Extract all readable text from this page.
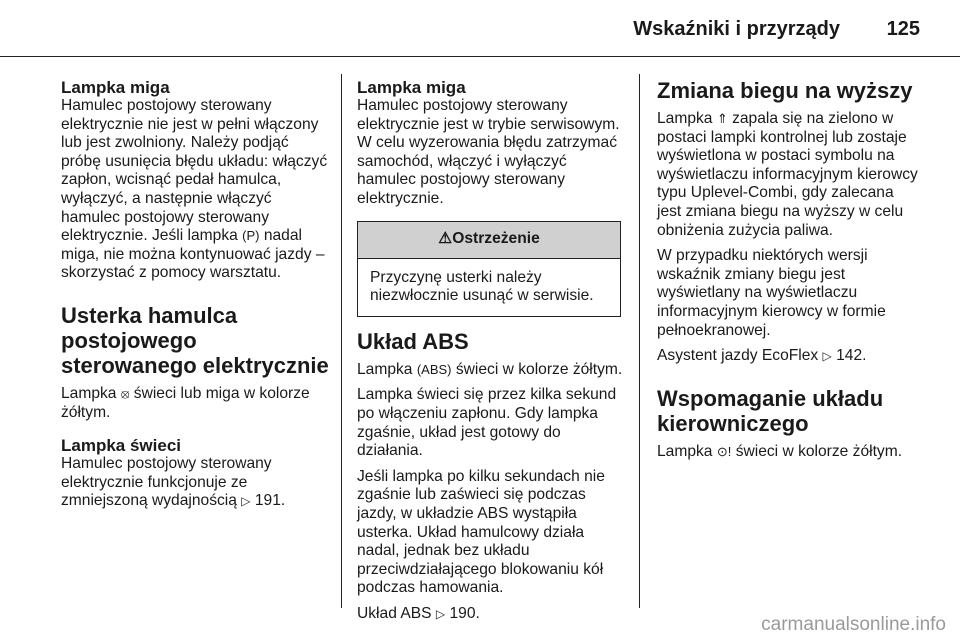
Wskaźniki i przyrządy 125
Lampka miga

Hamulec postojowy sterowany elektrycznie nie jest w pełni włączony lub jest zwolniony. Należy podjąć próbę usunięcia błędu układu: włączyć zapłon, wcisnąć pedał hamulca, wyłączyć, a następnie włączyć hamulec postojowy sterowany elektrycznie. Jeśli lampka (P) nadal miga, nie można kontynuować jazdy – skorzystać z pomocy warsztatu.

Usterka hamulca postojowego sterowanego elektrycznie

Lampka ⦻ świeci lub miga w kolorze żółtym.

Lampka świeci

Hamulec postojowy sterowany elektrycznie funkcjonuje ze zmniejszoną wydajnością ▷ 191.

Lampka miga

Hamulec postojowy sterowany elektrycznie jest w trybie serwisowym. W celu wyzerowania błędu zatrzymać samochód, włączyć i wyłączyć hamulec postojowy sterowany elektrycznie.

⚠ Ostrzeżenie
Przyczynę usterki należy niezwłocznie usunąć w serwisie.
Układ ABS

Lampka (ABS) świeci w kolorze żółtym.

Lampka świeci się przez kilka sekund po włączeniu zapłonu. Gdy lampka zgaśnie, układ jest gotowy do działania.

Jeśli lampka po kilku sekundach nie zgaśnie lub zaświeci się podczas jazdy, w układzie ABS wystąpiła usterka. Układ hamulcowy działa nadal, jednak bez układu przeciwdziałającego blokowaniu kół podczas hamowania.

Układ ABS ▷ 190.

Zmiana biegu na wyższy

Lampka ⇑ zapala się na zielono w postaci lampki kontrolnej lub zostaje wyświetlona w postaci symbolu na wyświetlaczu informacyjnym kierowcy typu Uplevel-Combi, gdy zalecana jest zmiana biegu na wyższy w celu obniżenia zużycia paliwa.

W przypadku niektórych wersji wskaźnik zmiany biegu jest wyświetlany na wyświetlaczu informacyjnym kierowcy w formie pełnoekranowej.

Asystent jazdy EcoFlex ▷ 142.

Wspomaganie układu kierowniczego

Lampka ⊙! świeci w kolorze żółtym.

carmanualsonline.info
